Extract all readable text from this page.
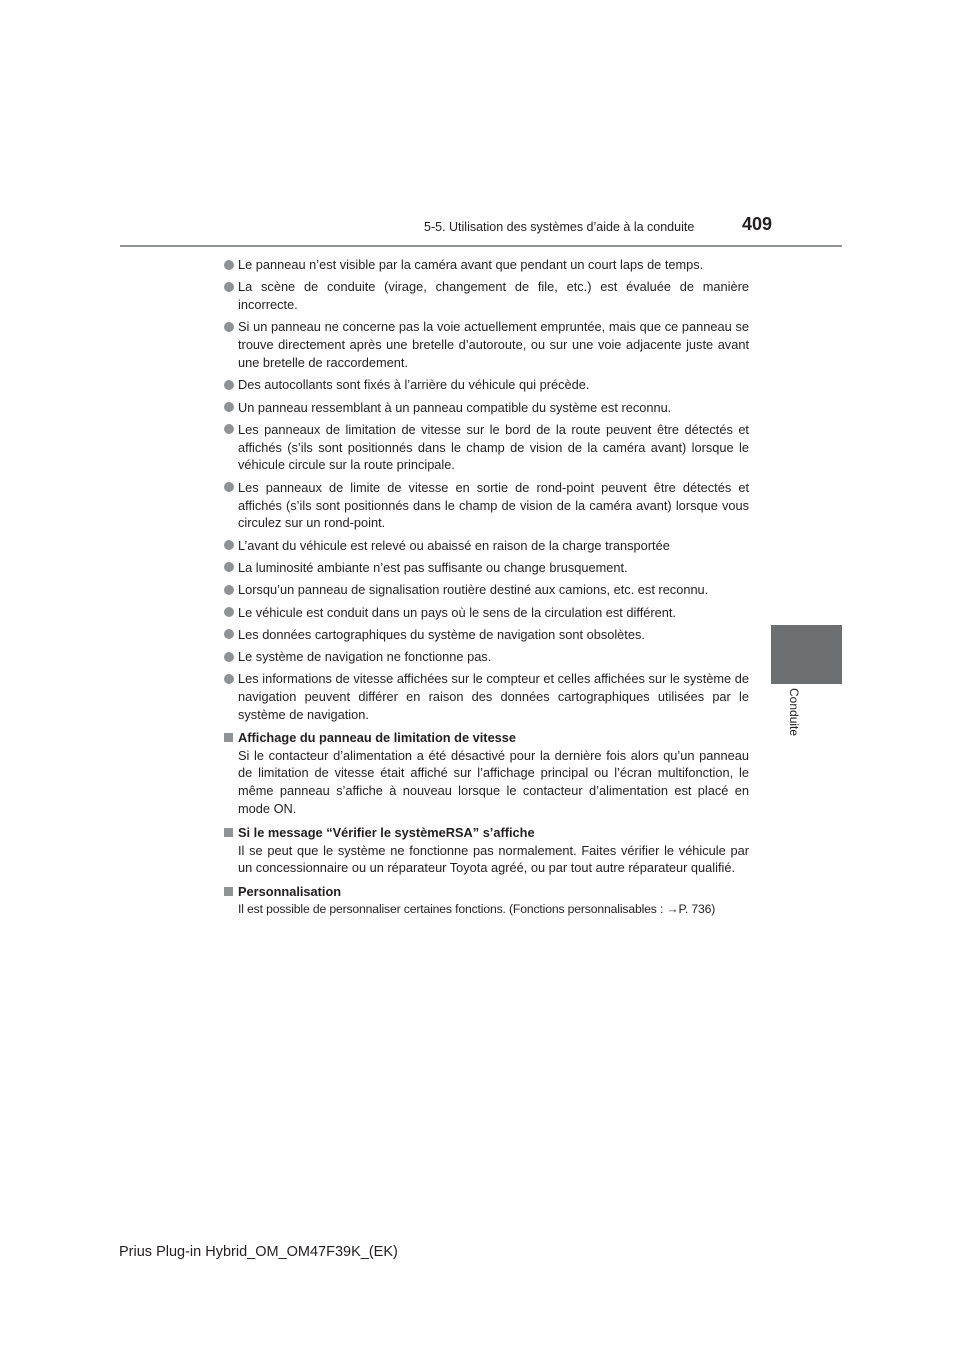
5-5. Utilisation des systèmes d’aide à la conduite	409
5
Conduite
Le panneau n’est visible par la caméra avant que pendant un court laps de temps.
La scène de conduite (virage, changement de file, etc.) est évaluée de manière incorrecte.
Si un panneau ne concerne pas la voie actuellement empruntée, mais que ce panneau se trouve directement après une bretelle d’autoroute, ou sur une voie adjacente juste avant une bretelle de raccordement.
Des autocollants sont fixés à l’arrière du véhicule qui précède.
Un panneau ressemblant à un panneau compatible du système est reconnu.
Les panneaux de limitation de vitesse sur le bord de la route peuvent être détectés et affichés (s’ils sont positionnés dans le champ de vision de la caméra avant) lorsque le véhicule circule sur la route principale.
Les panneaux de limite de vitesse en sortie de rond-point peuvent être détectés et affichés (s’ils sont positionnés dans le champ de vision de la caméra avant) lorsque vous circulez sur un rond-point.
L’avant du véhicule est relevé ou abaissé en raison de la charge transportée
La luminosité ambiante n’est pas suffisante ou change brusquement.
Lorsqu’un panneau de signalisation routière destiné aux camions, etc. est reconnu.
Le véhicule est conduit dans un pays où le sens de la circulation est différent.
Les données cartographiques du système de navigation sont obsolètes.
Le système de navigation ne fonctionne pas.
Les informations de vitesse affichées sur le compteur et celles affichées sur le système de navigation peuvent différer en raison des données cartographiques utilisées par le système de navigation.
Affichage du panneau de limitation de vitesse
Si le contacteur d’alimentation a été désactivé pour la dernière fois alors qu’un panneau de limitation de vitesse était affiché sur l’affichage principal ou l’écran multifonction, le même panneau s’affiche à nouveau lorsque le contacteur d’alimentation est placé en mode ON.
Si le message “Vérifier le systèmeRSA” s’affiche
Il se peut que le système ne fonctionne pas normalement. Faites vérifier le véhicule par un concessionnaire ou un réparateur Toyota agréé, ou par tout autre réparateur qualifié.
Personnalisation
Il est possible de personnaliser certaines fonctions. (Fonctions personnalisables : →P. 736)
Prius Plug-in Hybrid_OM_OM47F39K_(EK)
